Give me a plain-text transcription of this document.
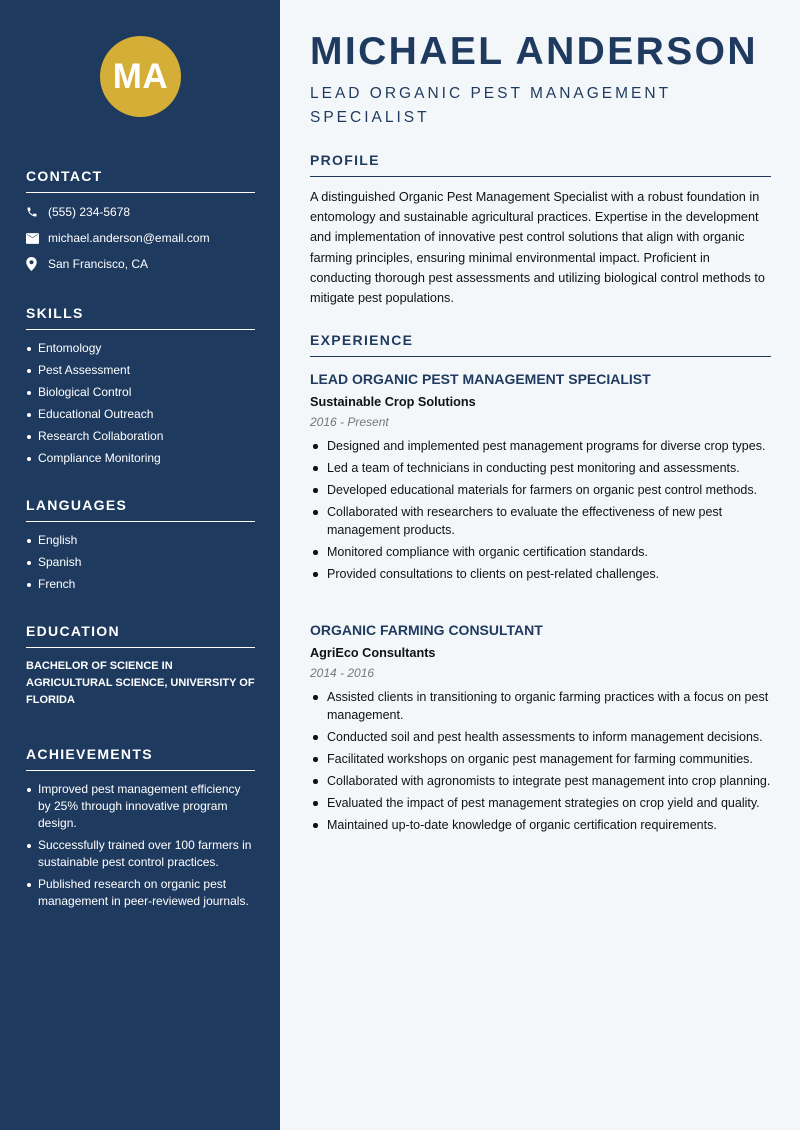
MA
CONTACT
(555) 234-5678
michael.anderson@email.com
San Francisco, CA
SKILLS
Entomology
Pest Assessment
Biological Control
Educational Outreach
Research Collaboration
Compliance Monitoring
LANGUAGES
English
Spanish
French
EDUCATION
BACHELOR OF SCIENCE IN AGRICULTURAL SCIENCE, UNIVERSITY OF FLORIDA
ACHIEVEMENTS
Improved pest management efficiency by 25% through innovative program design.
Successfully trained over 100 farmers in sustainable pest control practices.
Published research on organic pest management in peer-reviewed journals.
MICHAEL ANDERSON
LEAD ORGANIC PEST MANAGEMENT SPECIALIST
PROFILE

A distinguished Organic Pest Management Specialist with a robust foundation in entomology and sustainable agricultural practices. Expertise in the development and implementation of innovative pest control solutions that align with organic farming principles, ensuring minimal environmental impact. Proficient in conducting thorough pest assessments and utilizing biological control methods to mitigate pest populations.

EXPERIENCE
LEAD ORGANIC PEST MANAGEMENT SPECIALIST
Sustainable Crop Solutions
2016 - Present
Designed and implemented pest management programs for diverse crop types.
Led a team of technicians in conducting pest monitoring and assessments.
Developed educational materials for farmers on organic pest control methods.
Collaborated with researchers to evaluate the effectiveness of new pest management products.
Monitored compliance with organic certification standards.
Provided consultations to clients on pest-related challenges.
ORGANIC FARMING CONSULTANT
AgriEco Consultants
2014 - 2016
Assisted clients in transitioning to organic farming practices with a focus on pest management.
Conducted soil and pest health assessments to inform management decisions.
Facilitated workshops on organic pest management for farming communities.
Collaborated with agronomists to integrate pest management into crop planning.
Evaluated the impact of pest management strategies on crop yield and quality.
Maintained up-to-date knowledge of organic certification requirements.
